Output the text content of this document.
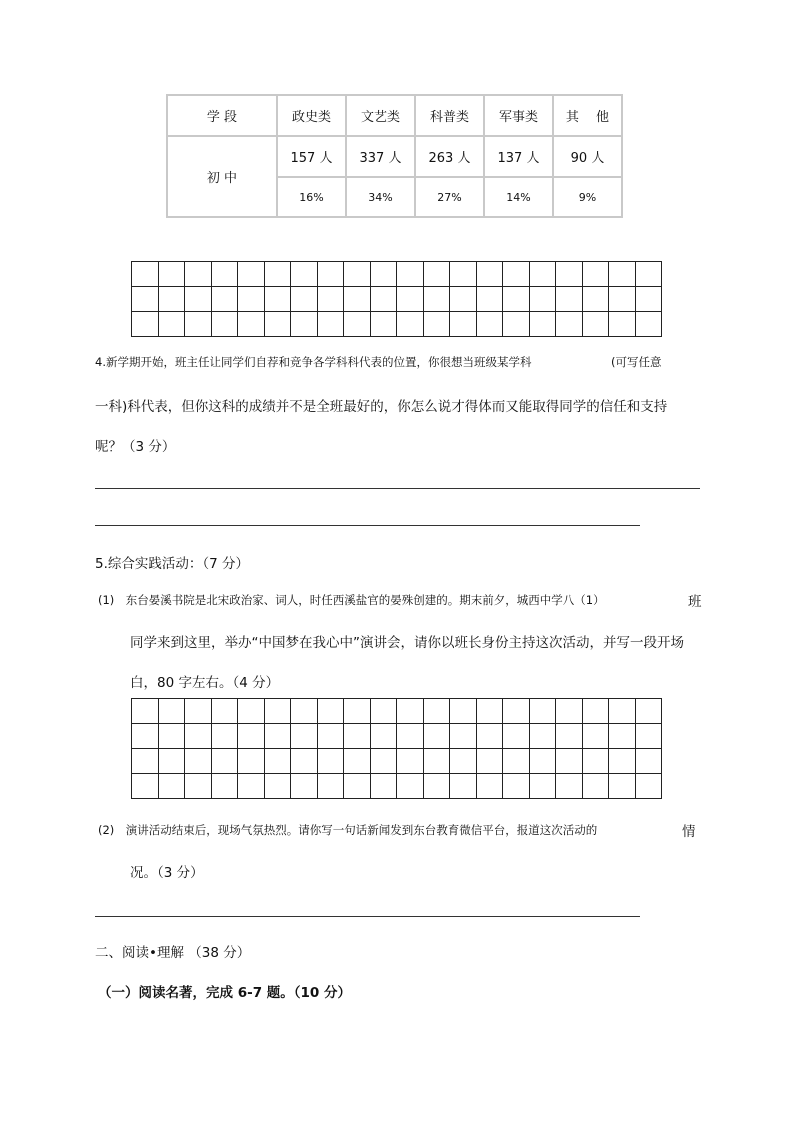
学 段	政史类	文艺类	科普类	军事类	其　 他
初 中	157 人	337 人	263 人	137 人	90 人
	16%	34%	27%	14%	9%
4.新学期开始，班主任让同学们自荐和竞争各学科科代表的位置，你很想当班级某学科	(可写任意
一科)科代表，但你这科的成绩并不是全班最好的，你怎么说才得体而又能取得同学的信任和支持
呢？（3 分）
5.综合实践活动：（7 分）
(1)　东台晏溪书院是北宋政治家、词人，时任西溪盐官的晏殊创建的。期末前夕，城西中学八（1）	班
同学来到这里，举办“中国梦在我心中”演讲会，请你以班长身份主持这次活动，并写一段开场
白，80 字左右。（4 分）
(2)　演讲活动结束后，现场气氛热烈。请你写一句话新闻发到东台教育微信平台，报道这次活动的	情
况。（3 分）
二、阅读•理解 （38 分）
（一）阅读名著，完成 6-7 题。（10 分）
